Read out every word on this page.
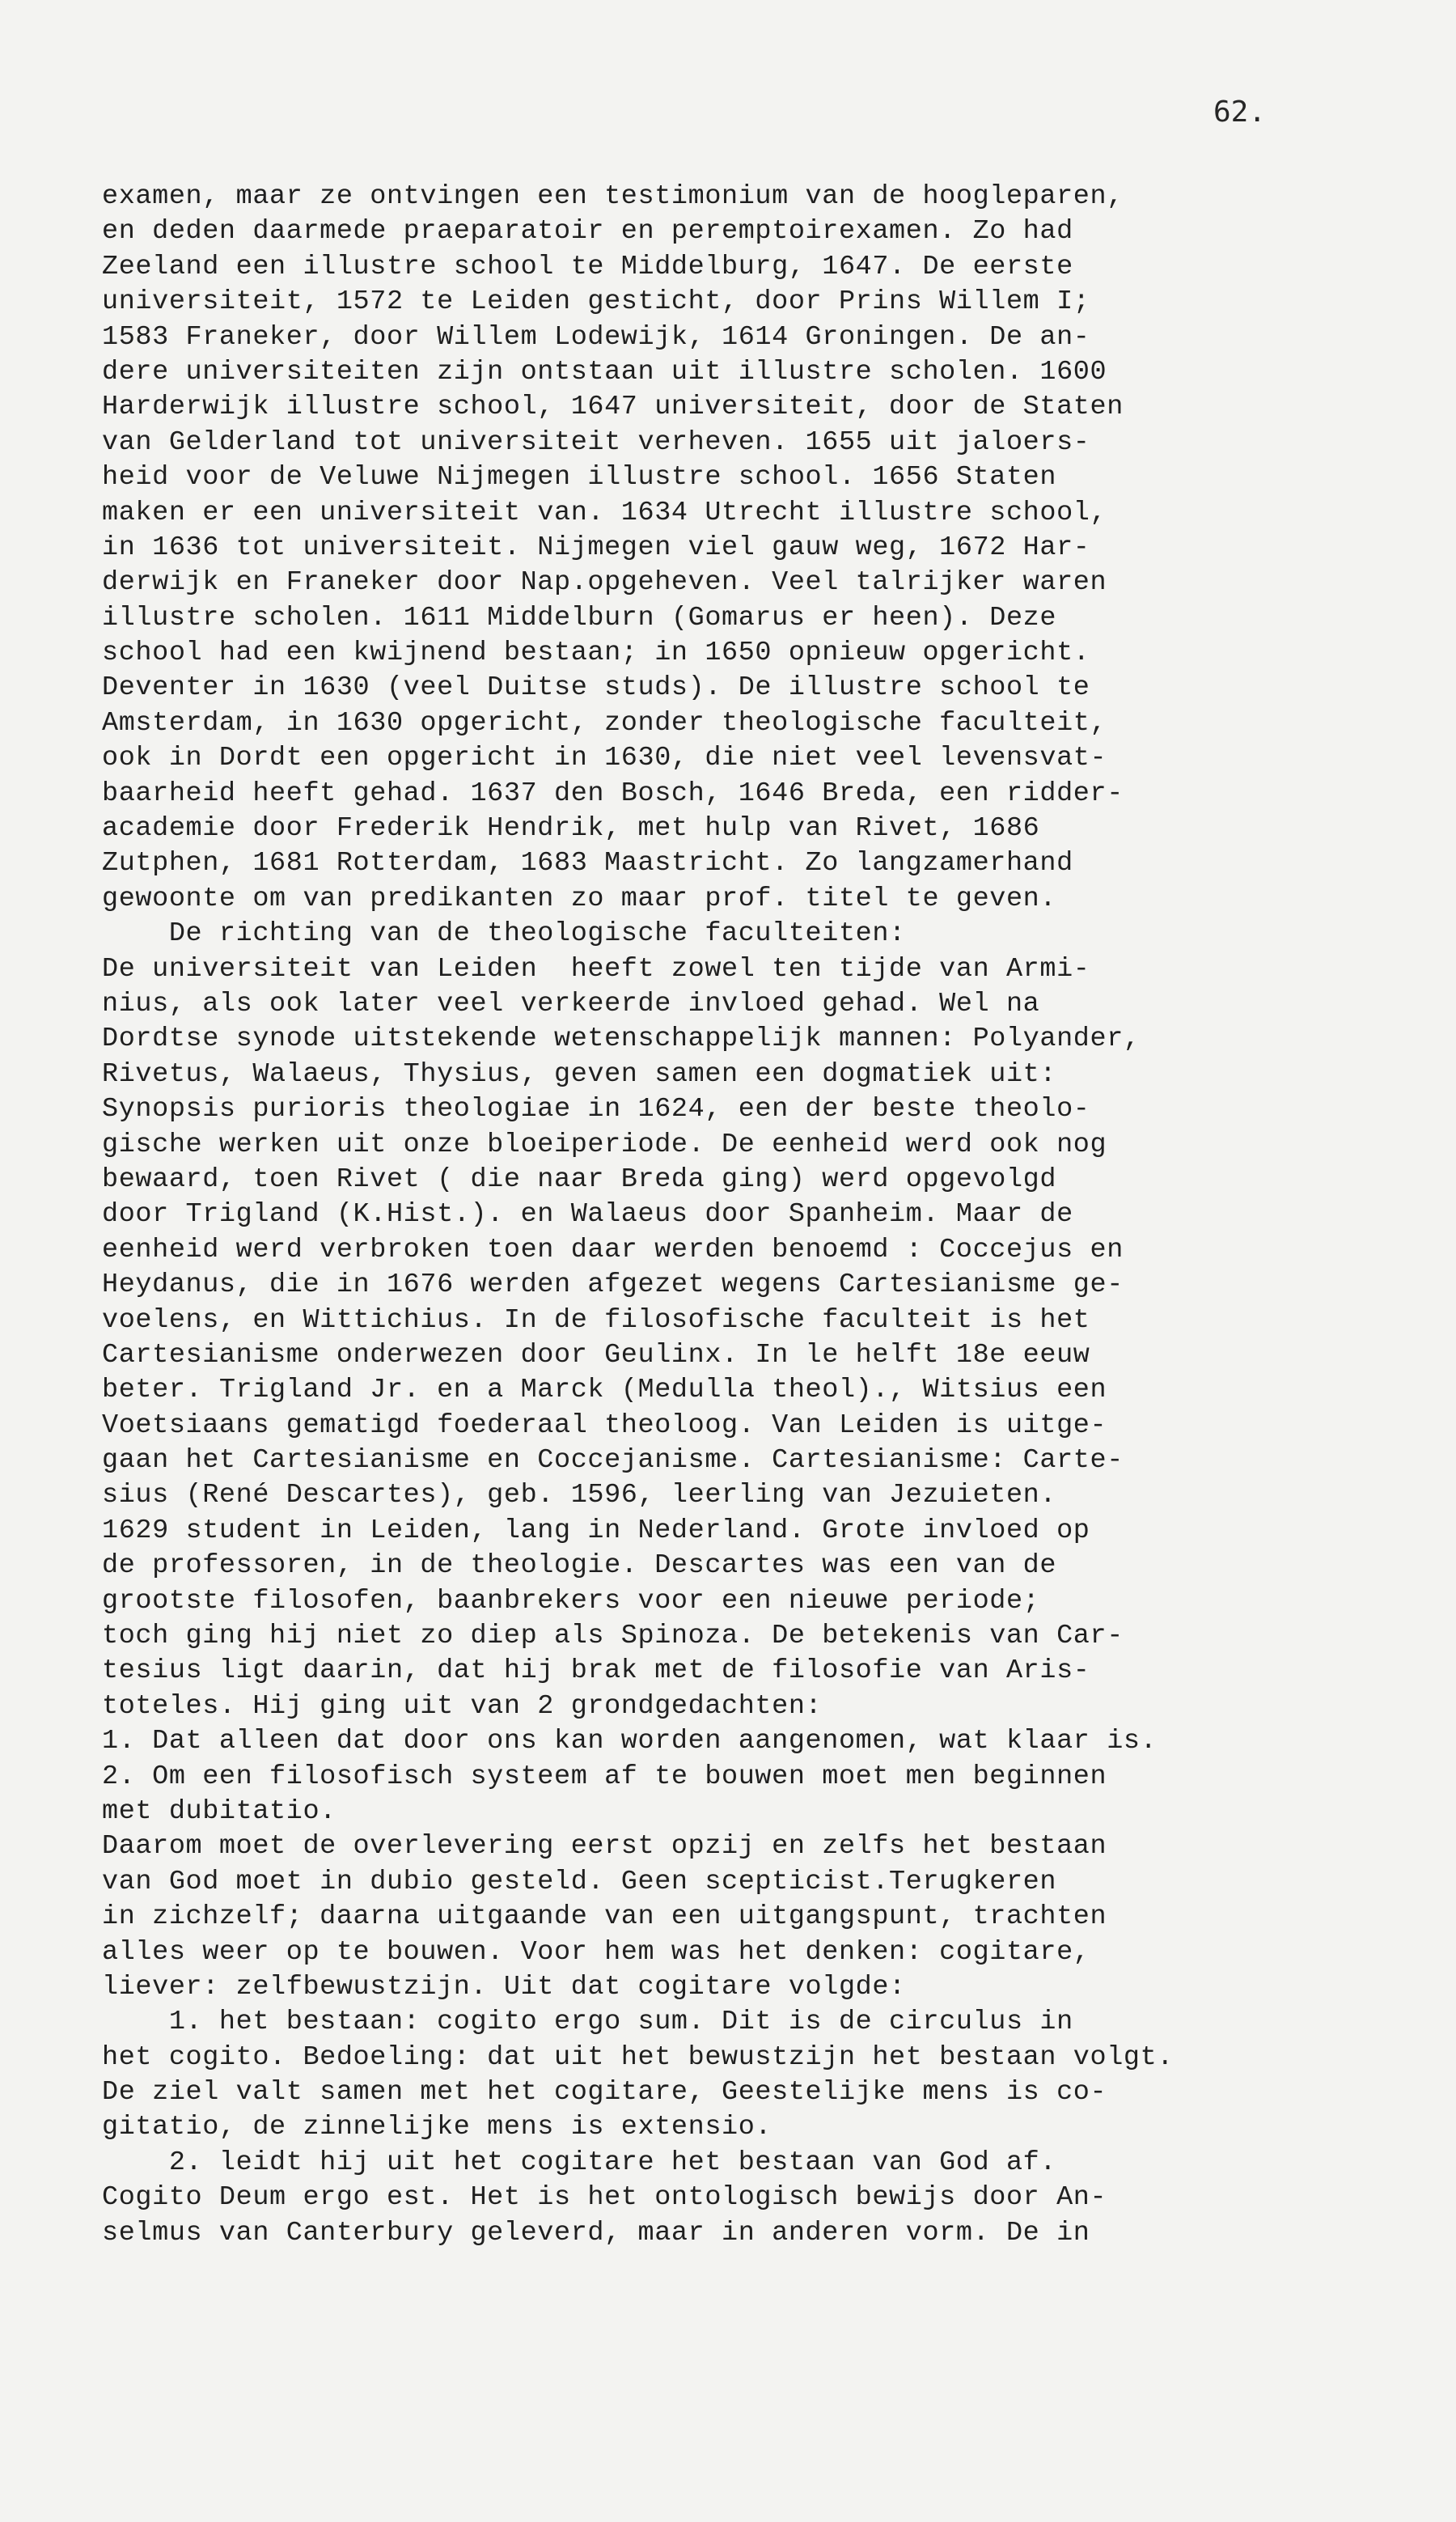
62.
examen, maar ze ontvingen een testimonium van de hooglераren,
en deden daarmede praeparatoir en peremptoirexamen. Zo had
Zeeland een illustre school te Middelburg, 1647. De eerste
universiteit, 1572 te Leiden gesticht, door Prins Willem I;
1583 Franeker, door Willem Lodewijk, 1614 Groningen. De an-
dere universiteiten zijn ontstaan uit illustre scholen. 1600
Harderwijk illustre school, 1647 universiteit, door de Staten
van Gelderland tot universiteit verheven. 1655 uit jaloers-
heid voor de Veluwe Nijmegen illustre school. 1656 Staten
maken er een universiteit van. 1634 Utrecht illustre school,
in 1636 tot universiteit. Nijmegen viel gauw weg, 1672 Har-
derwijk en Franeker door Nap.opgeheven. Veel talrijker waren
illustre scholen. 1611 Middelburn (Gomarus er heen). Deze
school had een kwijnend bestaan; in 1650 opnieuw opgericht.
Deventer in 1630 (veel Duitse studs). De illustre school te
Amsterdam, in 1630 opgericht, zonder theologische faculteit,
ook in Dordt een opgericht in 1630, die niet veel levensvat-
baarheid heeft gehad. 1637 den Bosch, 1646 Breda, een ridder-
academie door Frederik Hendrik, met hulp van Rivet, 1686
Zutphen, 1681 Rotterdam, 1683 Maastricht. Zo langzamerhand
gewoonte om van predikanten zo maar prof. titel te geven.
De richting van de theologische faculteiten:
De universiteit van Leiden  heeft zowel ten tijde van Armi-
nius, als ook later veel verkeerde invloed gehad. Wel na
Dordtse synode uitstekende wetenschappelijk mannen: Polyander,
Rivetus, Walaeus, Thysius, geven samen een dogmatiek uit:
Synopsis purioris theologiae in 1624, een der beste theolo-
gische werken uit onze bloeiperiode. De eenheid werd ook nog
bewaard, toen Rivet ( die naar Breda ging) werd opgevolgd
door Trigland (K.Hist.). en Walaeus door Spanheim. Maar de
eenheid werd verbroken toen daar werden benoemd : Coccejus en
Heydanus, die in 1676 werden afgezet wegens Cartesianisme ge-
voelens, en Wittichius. In de filosofische faculteit is het
Cartesianisme onderwezen door Geulinx. In le helft 18e eeuw
beter. Trigland Jr. en a Marck (Medulla theol)., Witsius een
Voetsiaans gematigd foederaal theoloog. Van Leiden is uitge-
gaan het Cartesianisme en Coccejanisme. Cartesianisme: Carte-
sius (René Descartes), geb. 1596, leerling van Jezuieten.
1629 student in Leiden, lang in Nederland. Grote invloed op
de professoren, in de theologie. Descartes was een van de
grootste filosofen, baanbrekers voor een nieuwe periode;
toch ging hij niet zo diep als Spinoza. De betekenis van Car-
tesius ligt daarin, dat hij brak met de filosofie van Aris-
toteles. Hij ging uit van 2 grondgedachten:
1. Dat alleen dat door ons kan worden aangenomen, wat klaar is.
2. Om een filosofisch systeem af te bouwen moet men beginnen
met dubitatio.
Daarom moet de overlevering eerst opzij en zelfs het bestaan
van God moet in dubio gesteld. Geen scepticist.Terugkeren
in zichzelf; daarna uitgaande van een uitgangspunt, trachten
alles weer op te bouwen. Voor hem was het denken: cogitare,
liever: zelfbewustzijn. Uit dat cogitare volgde:
1. het bestaan: cogito ergo sum. Dit is de circulus in
het cogito. Bedoeling: dat uit het bewustzijn het bestaan volgt.
De ziel valt samen met het cogitare, Geestelijke mens is co-
gitatio, de zinnelijke mens is extensio.
2. leidt hij uit het cogitare het bestaan van God af.
Cogito Deum ergo est. Het is het ontologisch bewijs door An-
selmus van Canterbury geleverd, maar in anderen vorm. De in
